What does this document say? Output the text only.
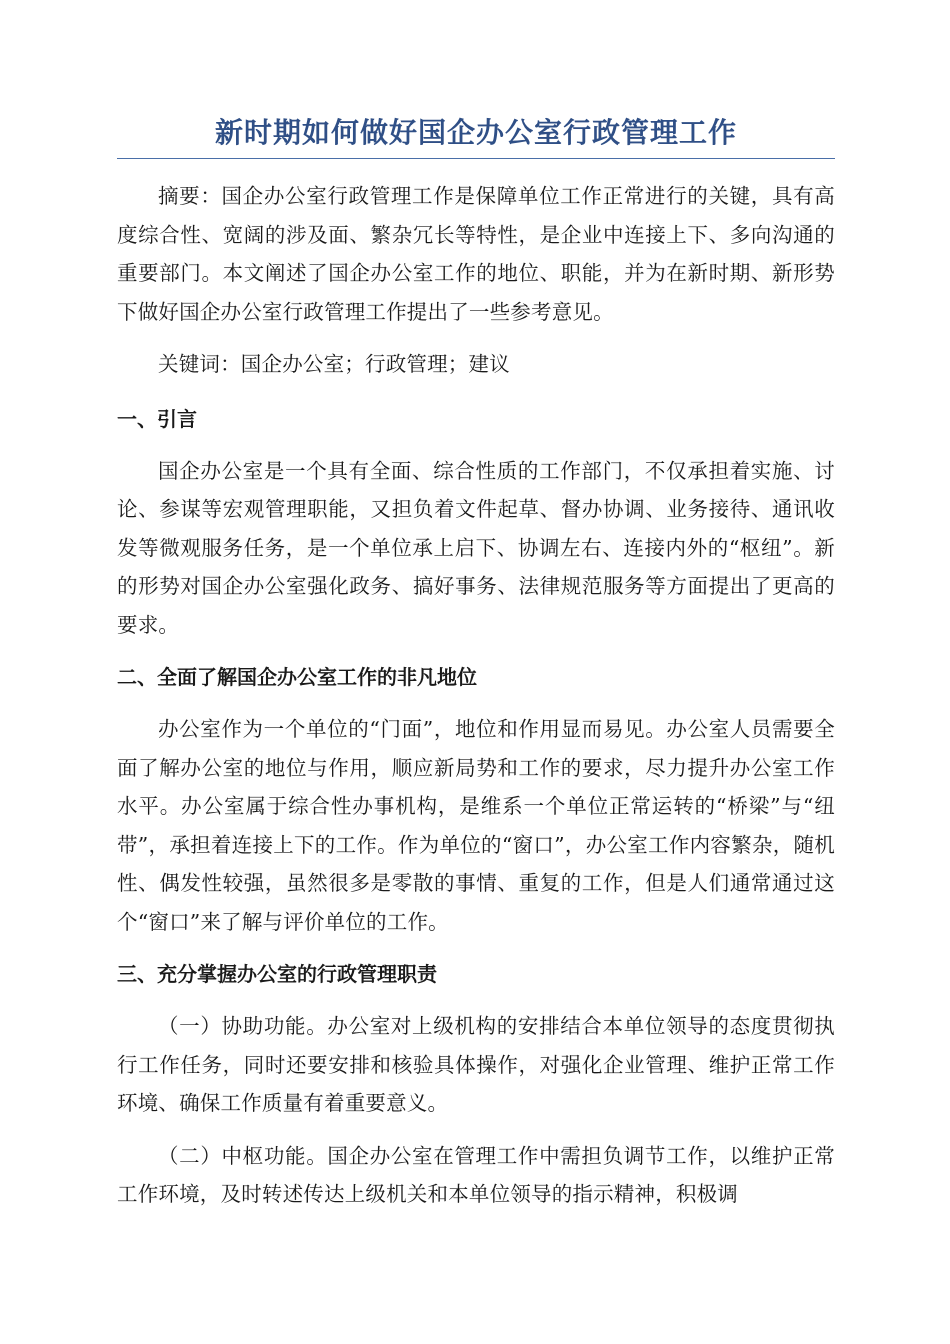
新时期如何做好国企办公室行政管理工作

摘要：国企办公室行政管理工作是保障单位工作正常进行的关键，具有高度综合性、宽阔的涉及面、繁杂冗长等特性，是企业中连接上下、多向沟通的重要部门。本文阐述了国企办公室工作的地位、职能，并为在新时期、新形势下做好国企办公室行政管理工作提出了一些参考意见。

关键词：国企办公室；行政管理；建议

一、引言

国企办公室是一个具有全面、综合性质的工作部门，不仅承担着实施、讨论、参谋等宏观管理职能，又担负着文件起草、督办协调、业务接待、通讯收发等微观服务任务，是一个单位承上启下、协调左右、连接内外的“枢纽”。新的形势对国企办公室强化政务、搞好事务、法律规范服务等方面提出了更高的要求。

二、全面了解国企办公室工作的非凡地位

办公室作为一个单位的“门面”，地位和作用显而易见。办公室人员需要全面了解办公室的地位与作用，顺应新局势和工作的要求，尽力提升办公室工作水平。办公室属于综合性办事机构，是维系一个单位正常运转的“桥梁”与“纽带”，承担着连接上下的工作。作为单位的“窗口”，办公室工作内容繁杂，随机性、偶发性较强，虽然很多是零散的事情、重复的工作，但是人们通常通过这个“窗口”来了解与评价单位的工作。

三、充分掌握办公室的行政管理职责

（一）协助功能。办公室对上级机构的安排结合本单位领导的态度贯彻执行工作任务，同时还要安排和核验具体操作，对强化企业管理、维护正常工作环境、确保工作质量有着重要意义。

（二）中枢功能。国企办公室在管理工作中需担负调节工作，以维护正常工作环境，及时转述传达上级机关和本单位领导的指示精神，积极调
